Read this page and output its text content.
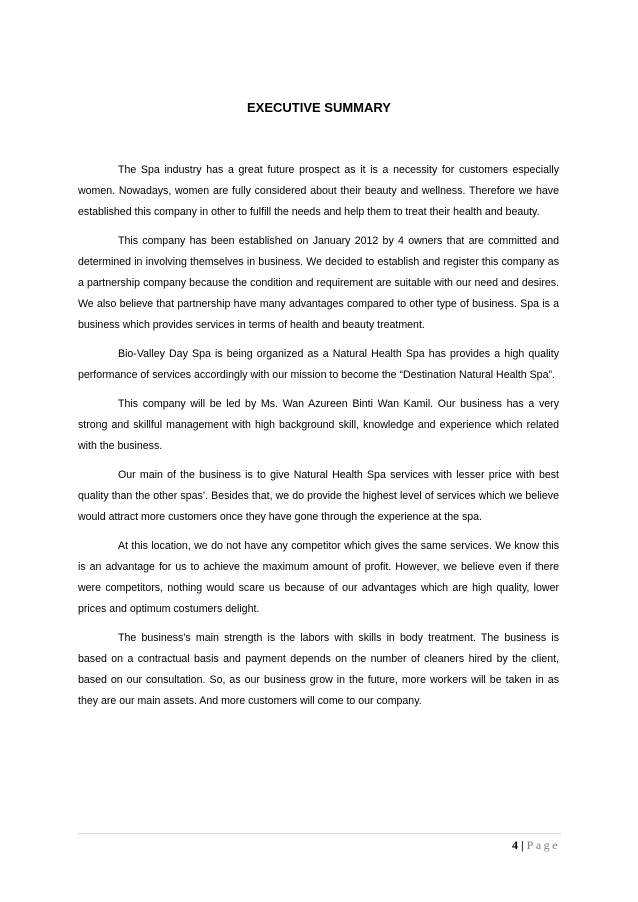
EXECUTIVE SUMMARY

The Spa industry has a great future prospect as it is a necessity for customers especially women. Nowadays, women are fully considered about their beauty and wellness. Therefore we have established this company in other to fulfill the needs and help them to treat their health and beauty.

This company has been established on January 2012 by 4 owners that are committed and determined in involving themselves in business. We decided to establish and register this company as a partnership company because the condition and requirement are suitable with our need and desires. We also believe that partnership have many advantages compared to other type of business. Spa is a business which provides services in terms of health and beauty treatment.

Bio-Valley Day Spa is being organized as a Natural Health Spa has provides a high quality performance of services accordingly with our mission to become the “Destination Natural Health Spa”.

This company will be led by Ms. Wan Azureen Binti Wan Kamil. Our business has a very strong and skillful management with high background skill, knowledge and experience which related with the business.

Our main of the business is to give Natural Health Spa services with lesser price with best quality than the other spas’. Besides that, we do provide the highest level of services which we believe would attract more customers once they have gone through the experience at the spa.

At this location, we do not have any competitor which gives the same services. We know this is an advantage for us to achieve the maximum amount of profit. However, we believe even if there were competitors, nothing would scare us because of our advantages which are high quality, lower prices and optimum costumers delight.

The business’s main strength is the labors with skills in body treatment. The business is based on a contractual basis and payment depends on the number of cleaners hired by the client, based on our consultation. So, as our business grow in the future, more workers will be taken in as they are our main assets. And more customers will come to our company.

4 | Page
